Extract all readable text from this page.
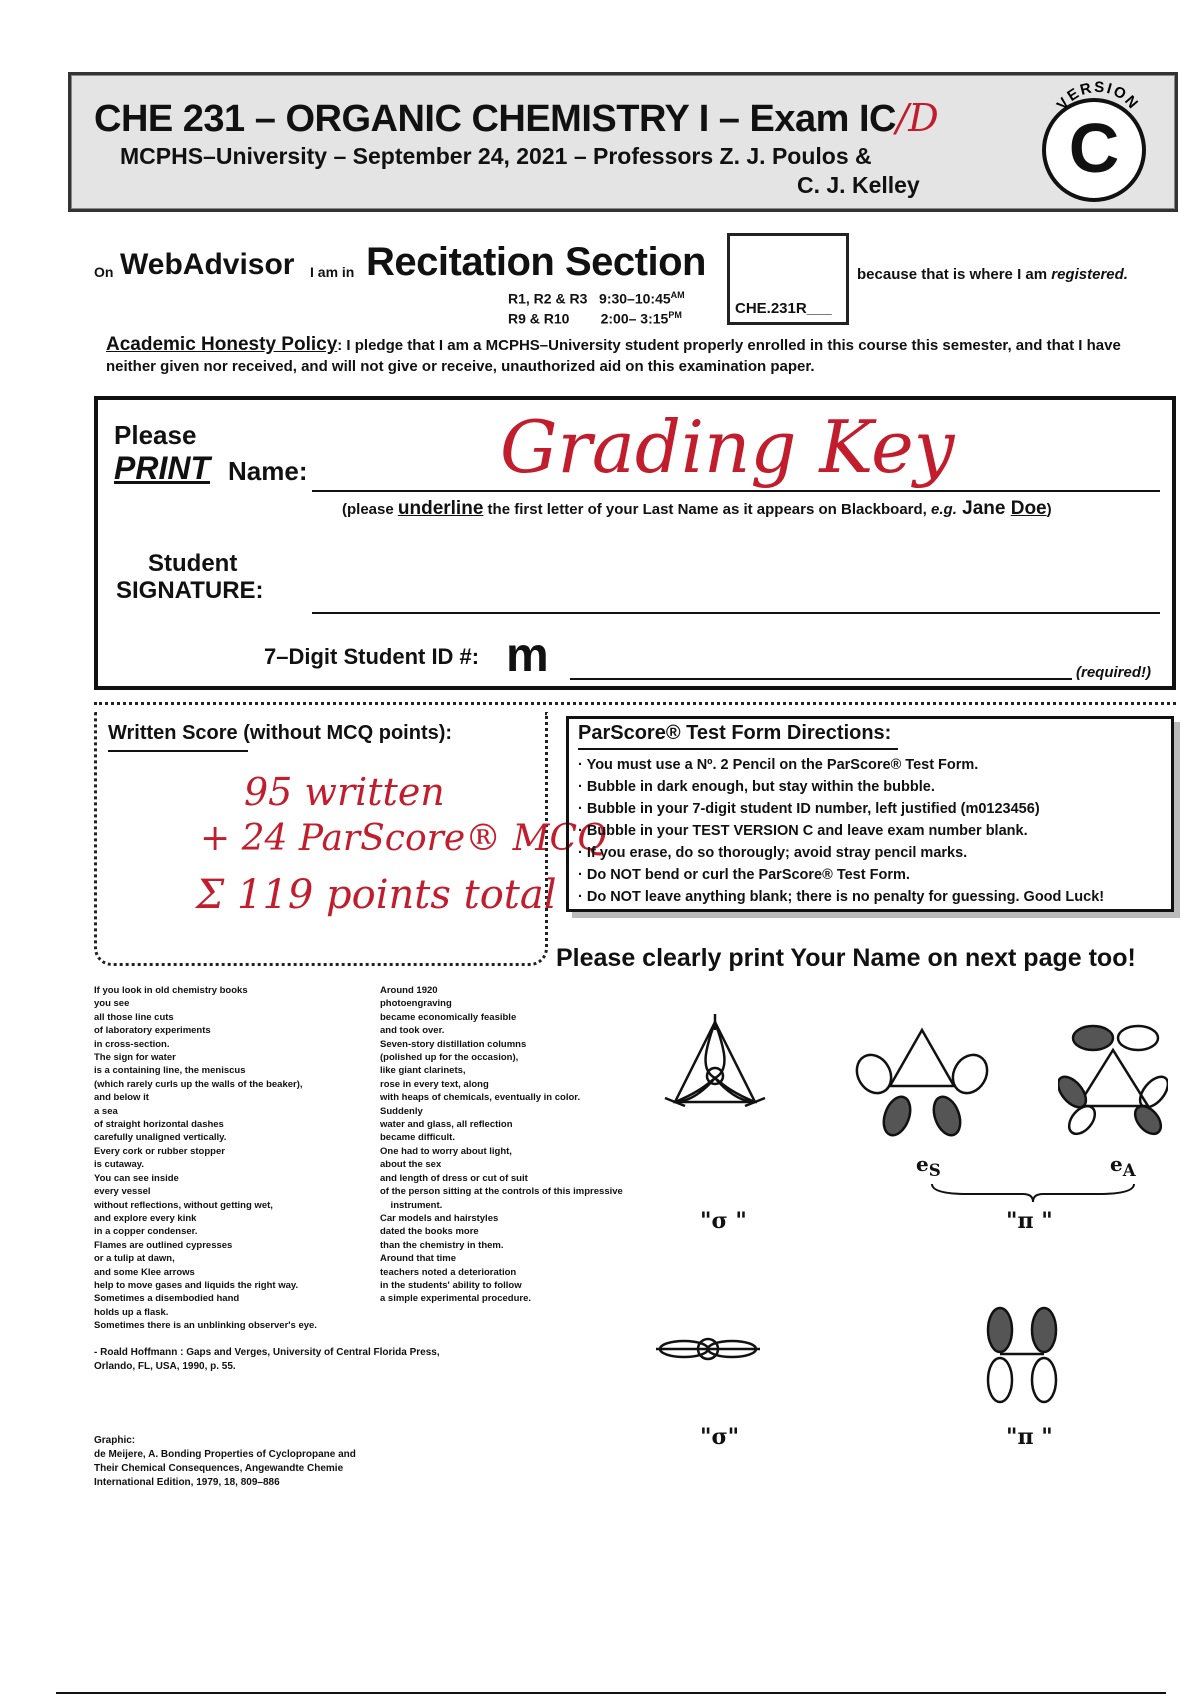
CHE 231 – ORGANIC CHEMISTRY I – Exam IC/D
MCPHS–University – September 24, 2021 – Professors Z. J. Poulos &
C. J. Kelley
VERSION
C
On WebAdvisor I am in Recitation Section
CHE.231R___
because that is where I am registered.
R1, R2 & R3   $9:30-10:45^{AM}$
R9 & R10        2:00– $3:15^{PM}$
Academic Honesty Policy: I pledge that I am a MCPHS–University student properly enrolled in this course this semester, and that I have neither given nor received, and will not give or receive, unauthorized aid on this examination paper.
Please
PRINT Name:	Grading Key
(please underline the first letter of your Last Name as it appears on Blackboard, e.g. Jane Doe)
Student
SIGNATURE:
7–Digit Student ID #: m	(required!)
Written Score (without MCQ points):
95 written
+ 24 ParScore® MCQ
Σ 119 points total
ParScore® Test Form Directions:
· You must use a Nº. 2 Pencil on the ParScore® Test Form.
· Bubble in dark enough, but stay within the bubble.
· Bubble in your 7-digit student ID number, left justified (m0123456)
· Bubble in your TEST VERSION C and leave exam number blank.
· If you erase, do so thorougly; avoid stray pencil marks.
· Do NOT bend or curl the ParScore® Test Form.
· Do NOT leave anything blank; there is no penalty for guessing. Good Luck!
Please clearly print Your Name on next page too!
If you look in old chemistry books
you see
all those line cuts
of laboratory experiments
in cross-section.
The sign for water
is a containing line, the meniscus
(which rarely curls up the walls of the beaker),
and below it
a sea
of straight horizontal dashes
carefully unaligned vertically.
Every cork or rubber stopper
is cutaway.
You can see inside
every vessel
without reflections, without getting wet,
and explore every kink
in a copper condenser.
Flames are outlined cypresses
or a tulip at dawn,
and some Klee arrows
help to move gases and liquids the right way.
Sometimes a disembodied hand
holds up a flask.
Sometimes there is an unblinking observer's eye.
Around 1920
photoengraving
became economically feasible
and took over.
Seven-story distillation columns
(polished up for the occasion),
like giant clarinets,
rose in every text, along
with heaps of chemicals, eventually in color.
Suddenly
water and glass, all reflection
became difficult.
One had to worry about light,
about the sex
and length of dress or cut of suit
of the person sitting at the controls of this impressive
instrument.
Car models and hairstyles
dated the books more
than the chemistry in them.
Around that time
teachers noted a deterioration
in the students' ability to follow
a simple experimental procedure.
- Roald Hoffmann : Gaps and Verges, University of Central Florida Press,
Orlando, FL, USA, 1990, p. 55.
Graphic:
de Meijere, A. Bonding Properties of Cyclopropane and
Their Chemical Consequences, Angewandte Chemie
International Edition, 1979, 18, 809–886
"σ "	"π "
$e_S$	$e_A$
"σ"	"π "
